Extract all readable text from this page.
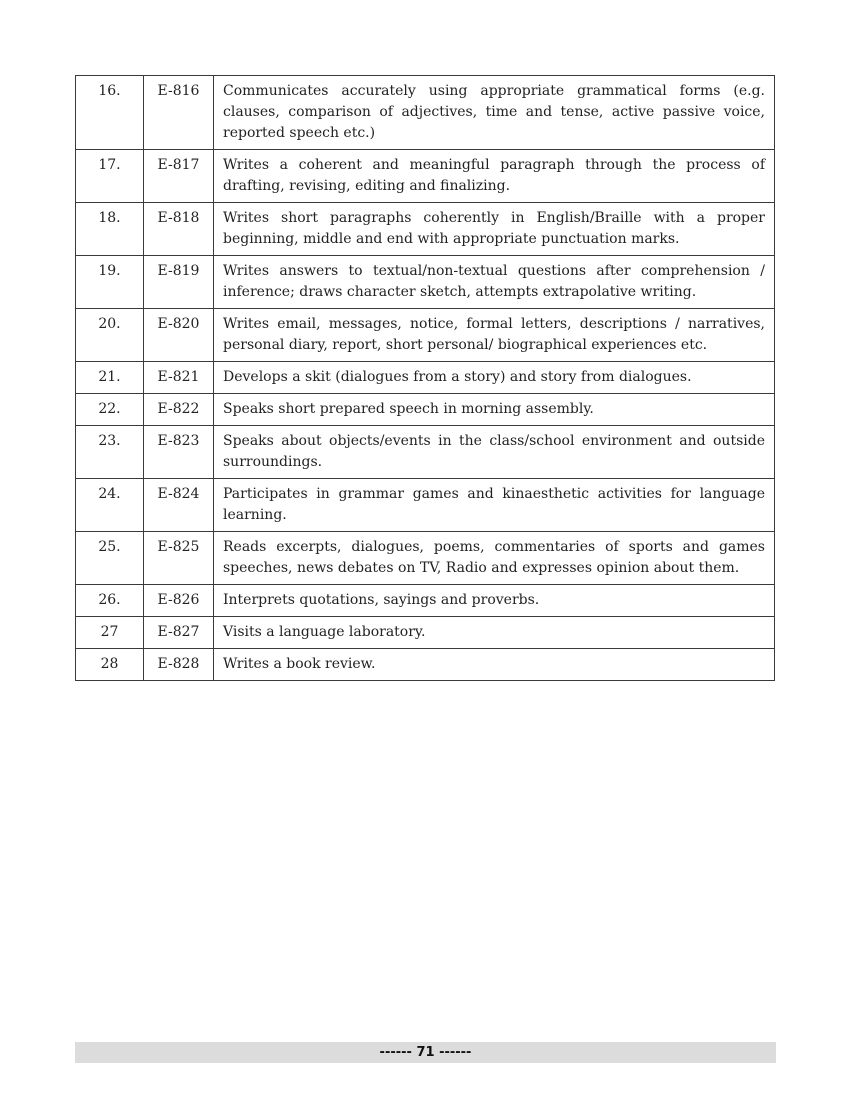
16.	E-816	Communicates accurately using appropriate grammatical forms (e.g. clauses, comparison of adjectives, time and tense, active passive voice, reported speech etc.)
17.	E-817	Writes a coherent and meaningful paragraph through the process of drafting, revising, editing and finalizing.
18.	E-818	Writes short paragraphs coherently in English/Braille with a proper beginning, middle and end with appropriate punctuation marks.
19.	E-819	Writes answers to textual/non-textual questions after comprehension / inference; draws character sketch, attempts extrapolative writing.
20.	E-820	Writes email, messages, notice, formal letters, descriptions / narratives, personal diary, report, short personal/ biographical experiences etc.
21.	E-821	Develops a skit (dialogues from a story) and story from dialogues.
22.	E-822	Speaks short prepared speech in morning assembly.
23.	E-823	Speaks about objects/events in the class/school environment and outside surroundings.
24.	E-824	Participates in grammar games and kinaesthetic activities for language learning.
25.	E-825	Reads excerpts, dialogues, poems, commentaries of sports and games speeches, news debates on TV, Radio and expresses opinion about them.
26.	E-826	Interprets quotations, sayings and proverbs.
27	E-827	Visits a language laboratory.
28	E-828	Writes a book review.
------ 71 ------
